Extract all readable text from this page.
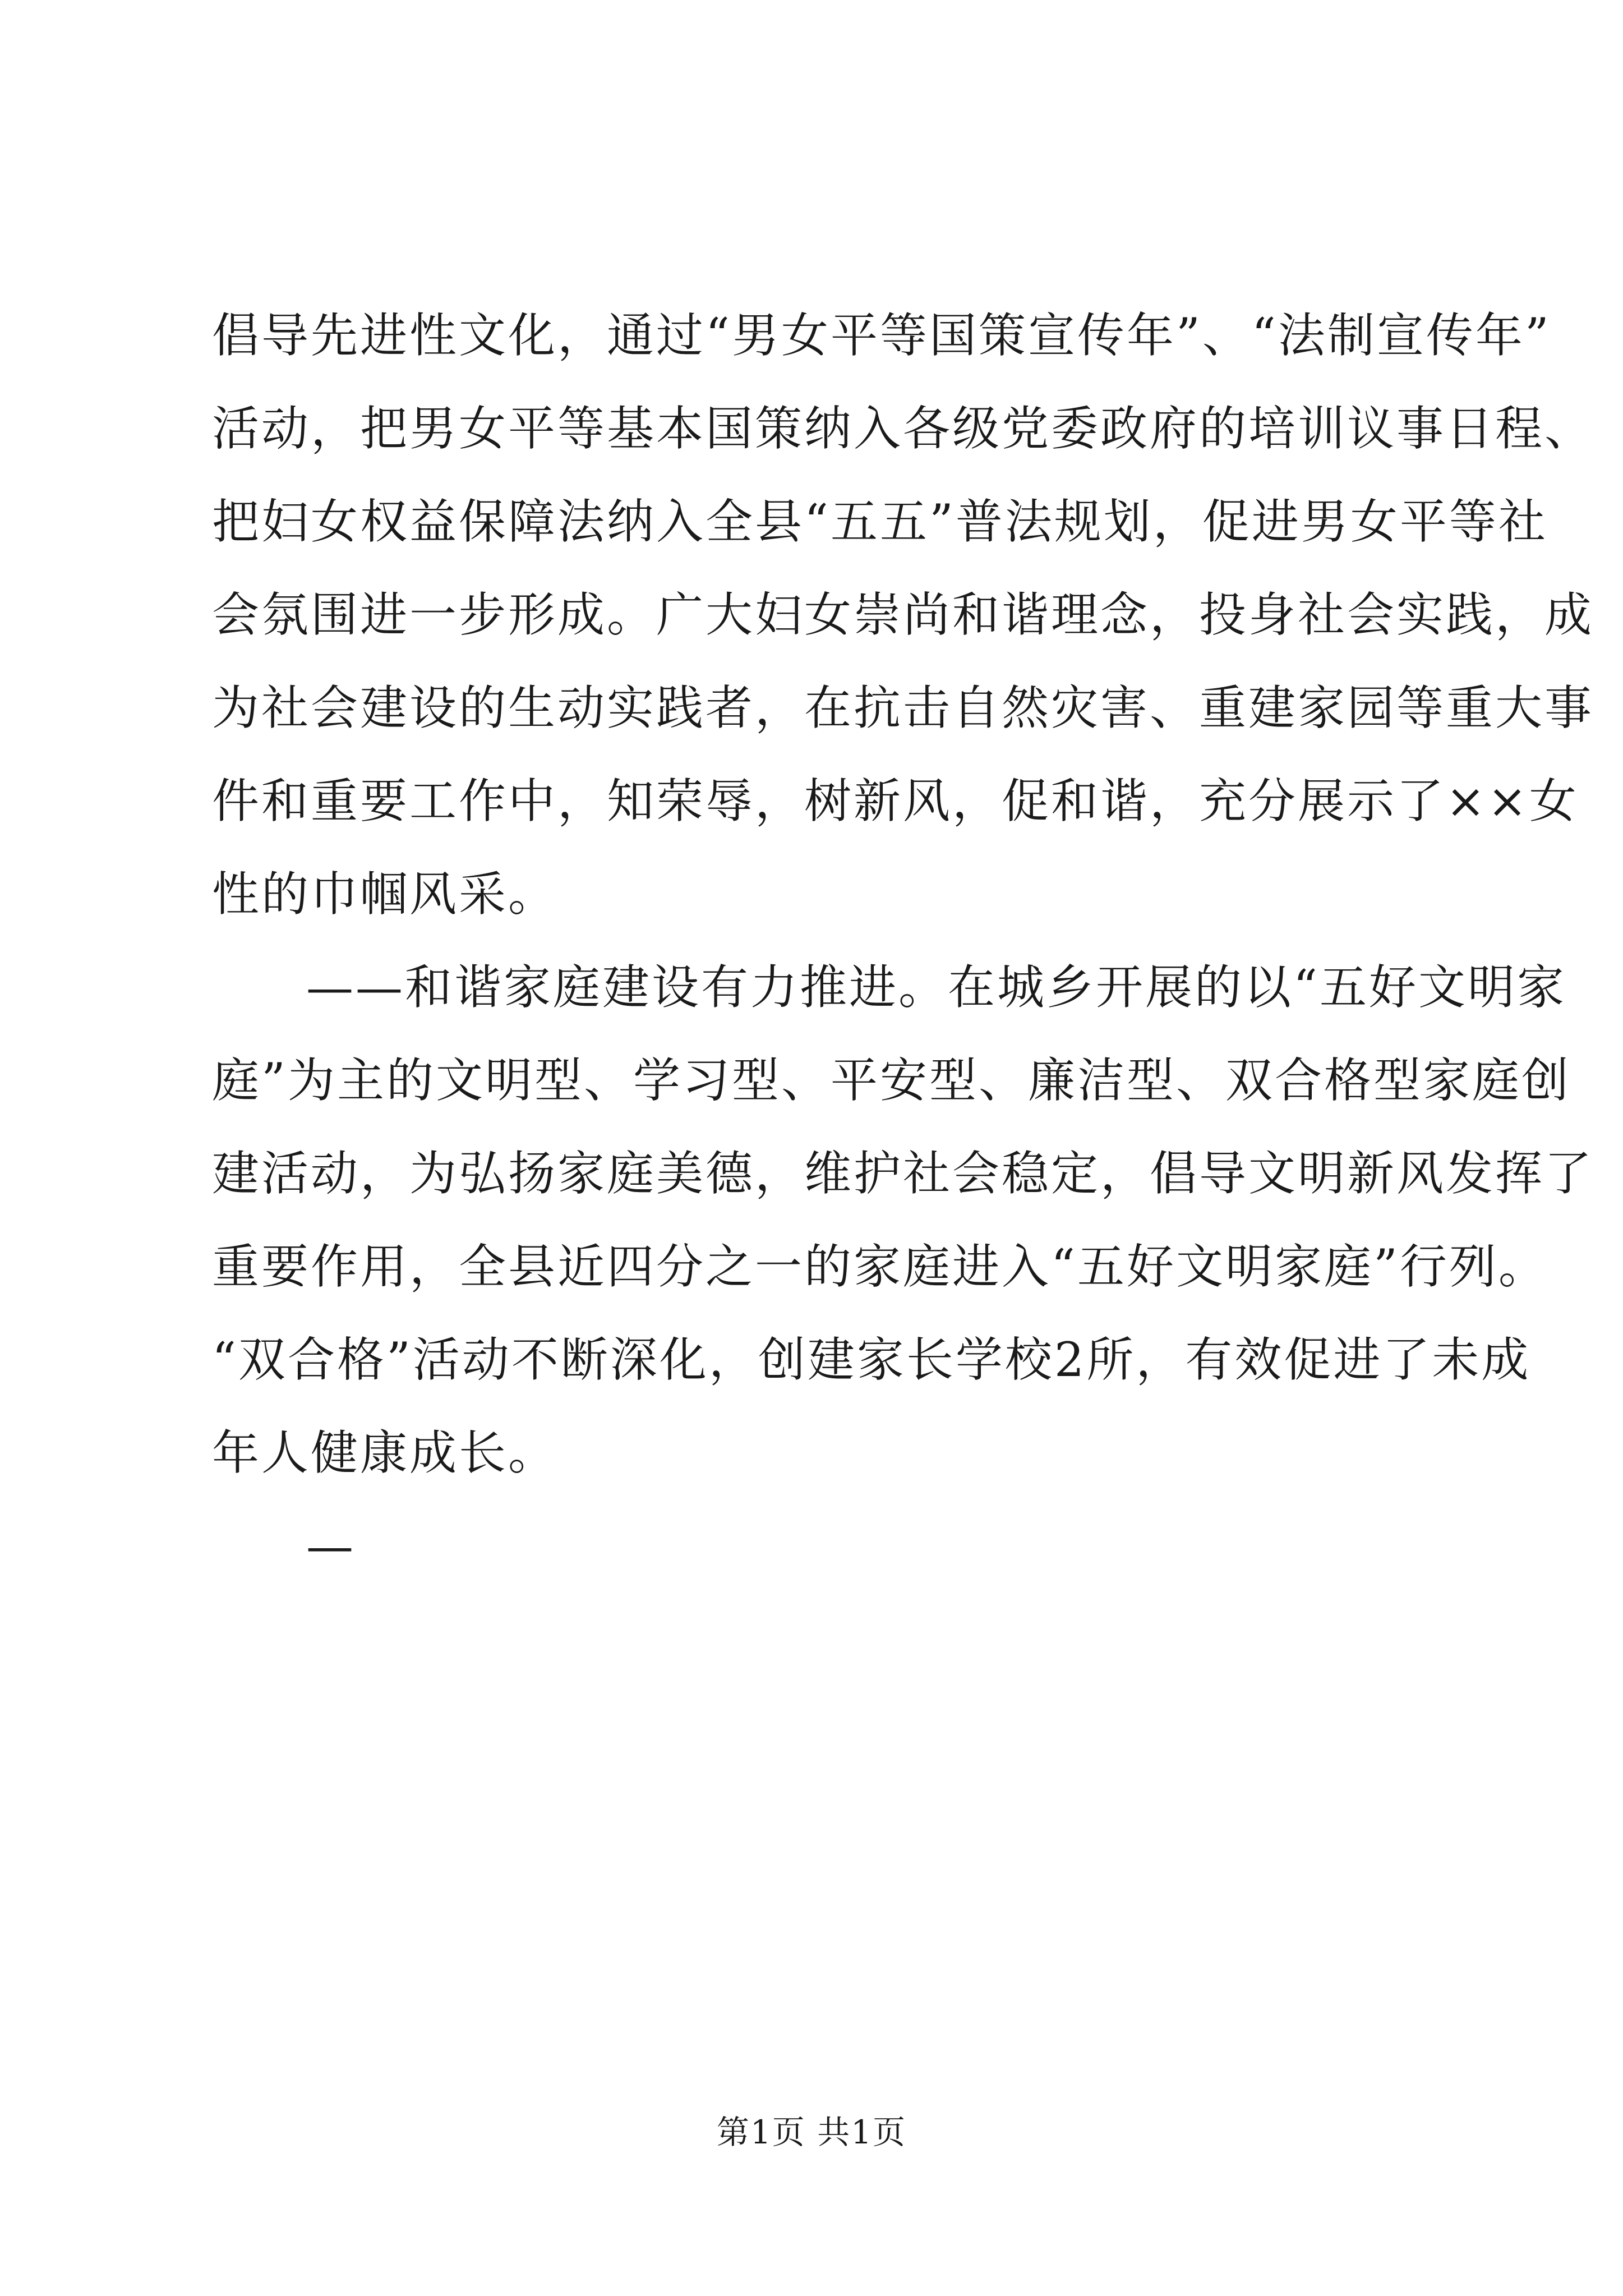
倡导先进性文化，通过“男女平等国策宣传年”、“法制宣传年”
活动，把男女平等基本国策纳入各级党委政府的培训议事日程、
把妇女权益保障法纳入全县“五五”普法规划，促进男女平等社
会氛围进一步形成。广大妇女崇尚和谐理念，投身社会实践，成
为社会建设的生动实践者，在抗击自然灾害、重建家园等重大事
件和重要工作中，知荣辱，树新风，促和谐，充分展示了××女
性的巾帼风采。
——和谐家庭建设有力推进。在城乡开展的以“五好文明家
庭”为主的文明型、学习型、平安型、廉洁型、双合格型家庭创
建活动，为弘扬家庭美德，维护社会稳定，倡导文明新风发挥了
重要作用，全县近四分之一的家庭进入“五好文明家庭”行列。
“双合格”活动不断深化，创建家长学校2所，有效促进了未成
年人健康成长。
—
第1页 共1页
